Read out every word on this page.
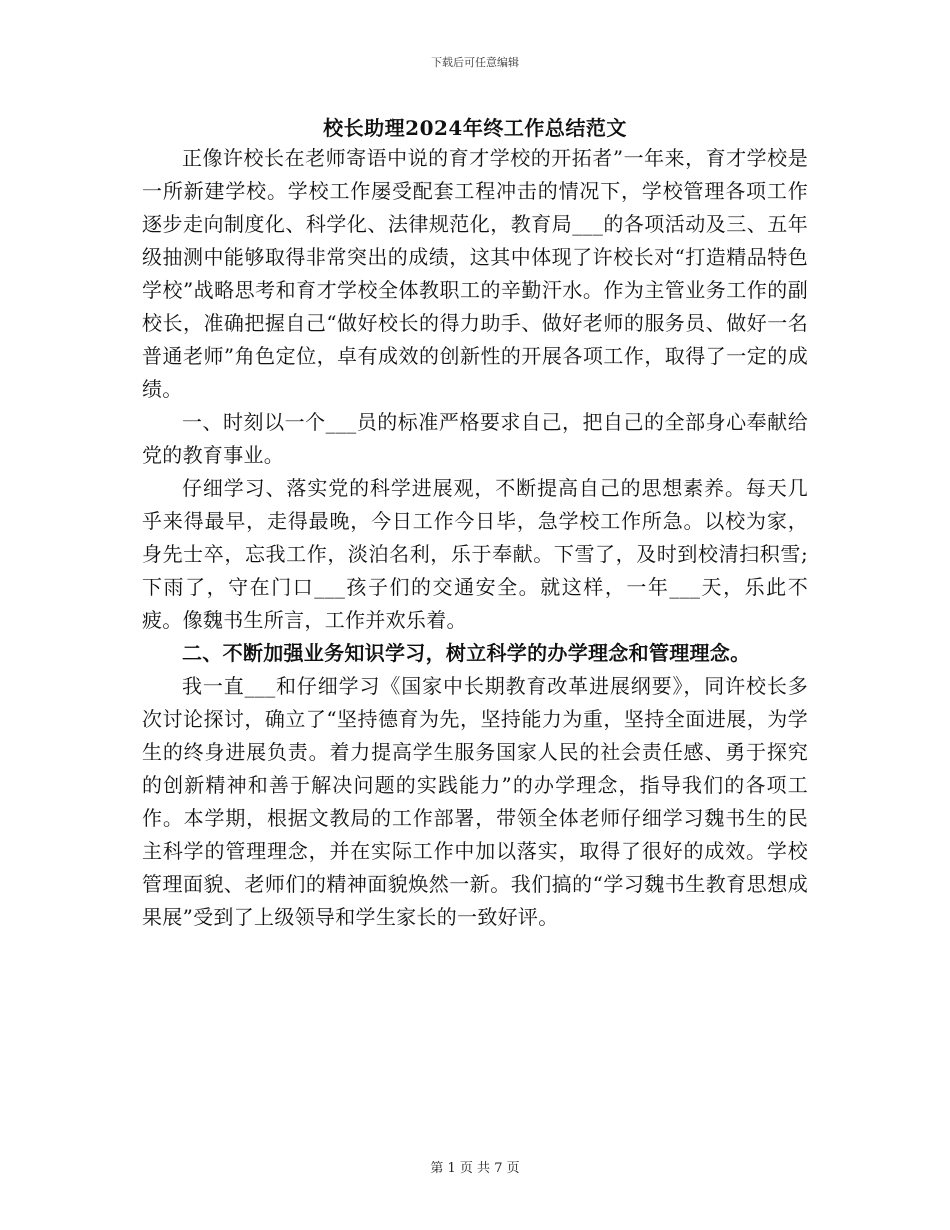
下载后可任意编辑
校长助理2024年终工作总结范文

正像许校长在老师寄语中说的育才学校的开拓者”一年来，育才学校是一所新建学校。学校工作屡受配套工程冲击的情况下，学校管理各项工作逐步走向制度化、科学化、法律规范化，教育局___的各项活动及三、五年级抽测中能够取得非常突出的成绩，这其中体现了许校长对“打造精品特色学校”战略思考和育才学校全体教职工的辛勤汗水。作为主管业务工作的副校长，准确把握自己“做好校长的得力助手、做好老师的服务员、做好一名普通老师”角色定位，卓有成效的创新性的开展各项工作，取得了一定的成绩。

一、时刻以一个___员的标准严格要求自己，把自己的全部身心奉献给党的教育事业。

仔细学习、落实党的科学进展观，不断提高自己的思想素养。每天几乎来得最早，走得最晚，今日工作今日毕，急学校工作所急。以校为家，身先士卒，忘我工作，淡泊名利，乐于奉献。下雪了，及时到校清扫积雪;下雨了，守在门口___孩子们的交通安全。就这样，一年___天，乐此不疲。像魏书生所言，工作并欢乐着。

二、不断加强业务知识学习，树立科学的办学理念和管理理念。

我一直___和仔细学习《国家中长期教育改革进展纲要》，同许校长多次讨论探讨，确立了“坚持德育为先，坚持能力为重，坚持全面进展，为学生的终身进展负责。着力提高学生服务国家人民的社会责任感、勇于探究的创新精神和善于解决问题的实践能力”的办学理念，指导我们的各项工作。本学期，根据文教局的工作部署，带领全体老师仔细学习魏书生的民主科学的管理理念，并在实际工作中加以落实，取得了很好的成效。学校管理面貌、老师们的精神面貌焕然一新。我们搞的“学习魏书生教育思想成果展”受到了上级领导和学生家长的一致好评。

第 1 页 共 7 页
